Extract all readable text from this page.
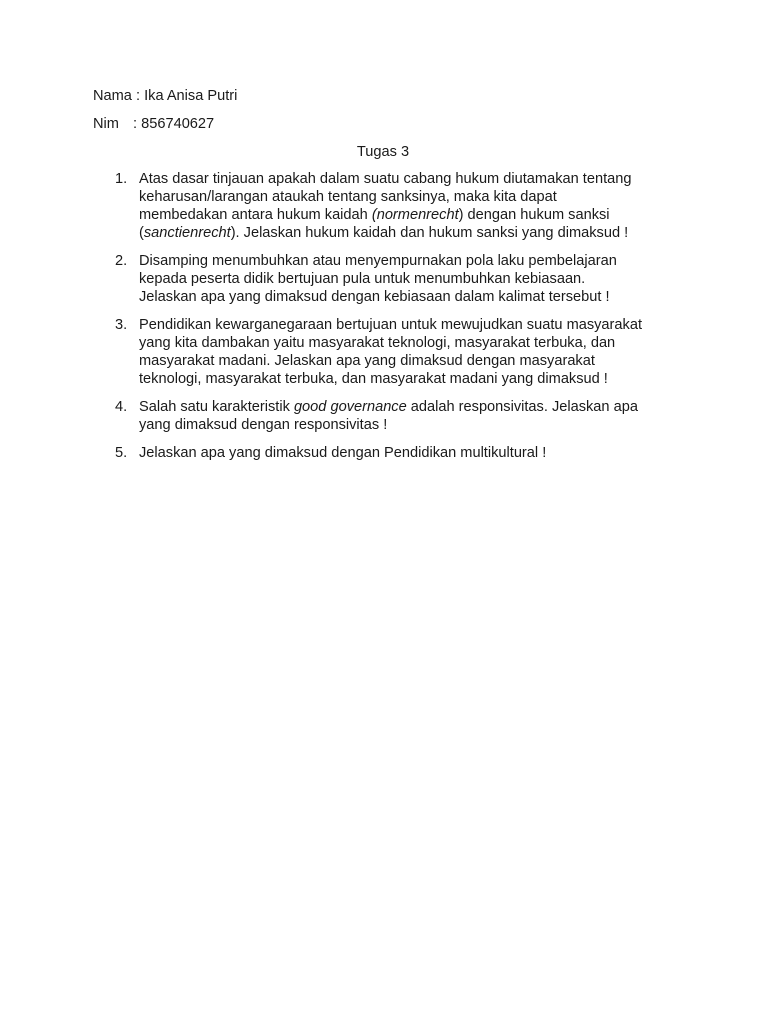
Nama : Ika Anisa Putri
Nim : 856740627
Tugas 3
1. Atas dasar tinjauan apakah dalam suatu cabang hukum diutamakan tentang
keharusan/larangan ataukah tentang sanksinya, maka kita dapat
membedakan antara hukum kaidah (normenrecht) dengan hukum sanksi
(sanctienrecht). Jelaskan hukum kaidah dan hukum sanksi yang dimaksud !
2. Disamping menumbuhkan atau menyempurnakan pola laku pembelajaran
kepada peserta didik bertujuan pula untuk menumbuhkan kebiasaan.
Jelaskan apa yang dimaksud dengan kebiasaan dalam kalimat tersebut !
3. Pendidikan kewarganegaraan bertujuan untuk mewujudkan suatu masyarakat
yang kita dambakan yaitu masyarakat teknologi, masyarakat terbuka, dan
masyarakat madani. Jelaskan apa yang dimaksud dengan masyarakat
teknologi, masyarakat terbuka, dan masyarakat madani yang dimaksud !
4. Salah satu karakteristik good governance adalah responsivitas. Jelaskan apa
yang dimaksud dengan responsivitas !
5. Jelaskan apa yang dimaksud dengan Pendidikan multikultural !
